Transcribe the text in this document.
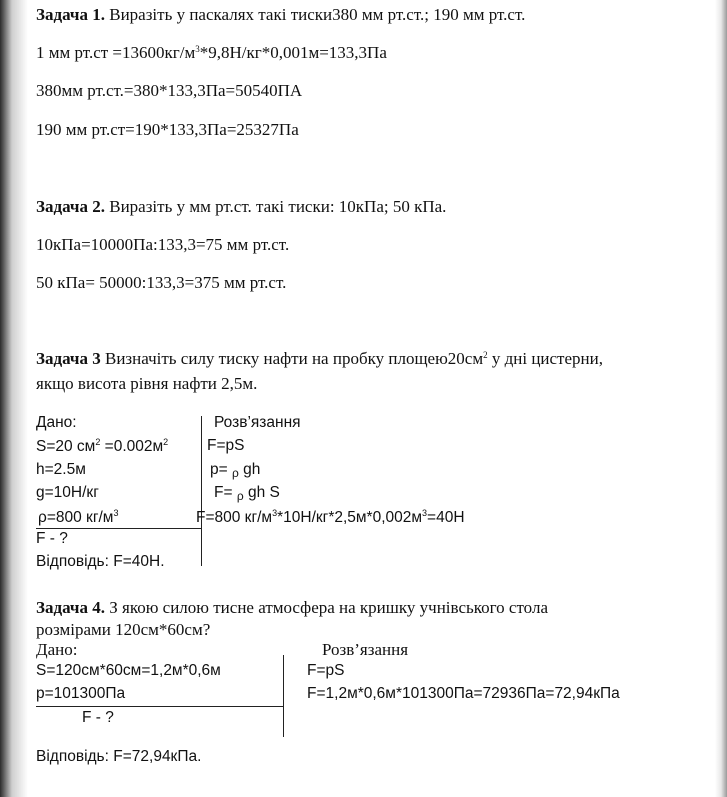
Задача 1. Виразіть у паскалях такі тиски380 мм рт.ст.; 190 мм рт.ст.
1 мм $рт.ст =13600кг/м^3*9,8Н/кг*0,001м=133,3Па$
380мм рт.ст.=380*133,3Па=50540ПА
190 мм рт.ст=190*133,3Па=25327Па
Задача 2. Виразіть у мм рт.ст. такі тиски: 10кПа; 50 кПа.
10кПа=10000Па:133,3=75 мм рт.ст.
50 кПа= 50000:133,3=375 мм рт.ст.
Задача 3 Визначіть силу тиску нафти на пробку $площею20см^2$ у дні цистерни,
якщо висота рівня нафти 2,5м.
Дано:	Розв’язання
S=20 $см^2 =0.002м^2$
h=2.5м
g=10Н/кг
ρ=800 $кг/м^3$
F - ?
Відповідь: F=40Н.
F=pS
p= ρ gh
F= ρ gh S
F=800 $кг/м^3*10Н/кг*2,5м*0,002м^3=40Н$
Задача 4. З якою силою тисне атмосфера на кришку учнівського стола
розмірами 120см*60см?
Дано:	Розв’язання
S=120см*60см=1,2м*0,6м
p=101300Па
F - ?
F=pS
F=1,2м*0,6м*101300Па=72936Па=72,94кПа
Відповідь: F=72,94кПа.
